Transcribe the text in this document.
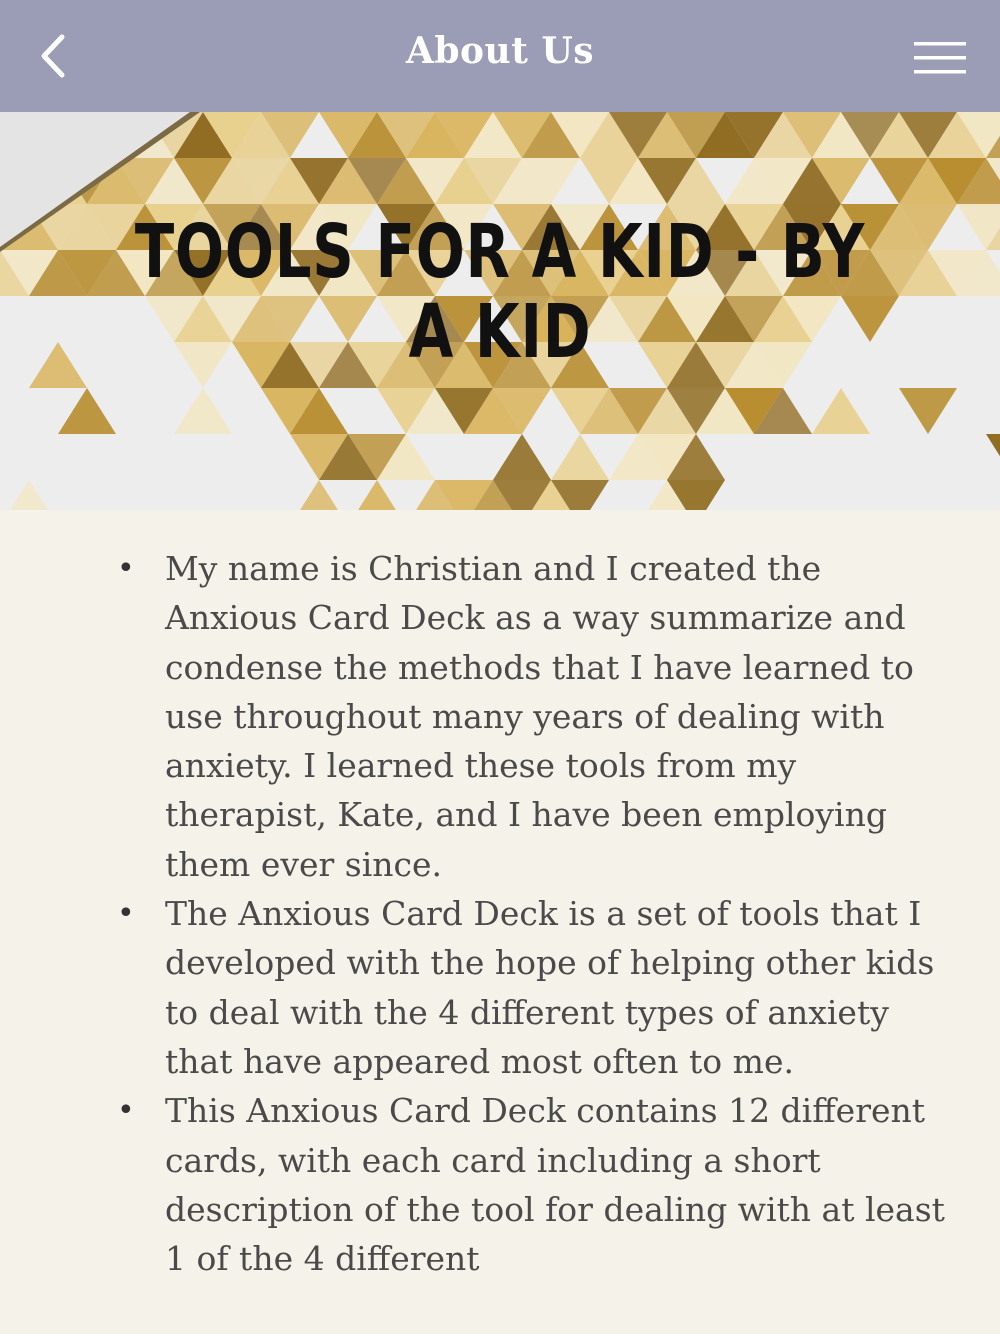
About Us
TOOLS FOR A KID - BY A KID
• My name is Christian and I created the Anxious Card Deck as a way summarize and condense the methods that I have learned to use throughout many years of dealing with anxiety. I learned these tools from my therapist, Kate, and I have been employing them ever since.
• The Anxious Card Deck is a set of tools that I developed with the hope of helping other kids to deal with the 4 different types of anxiety that have appeared most often to me.
• This Anxious Card Deck contains 12 different cards, with each card including a short description of the tool for dealing with at least 1 of the 4 different
